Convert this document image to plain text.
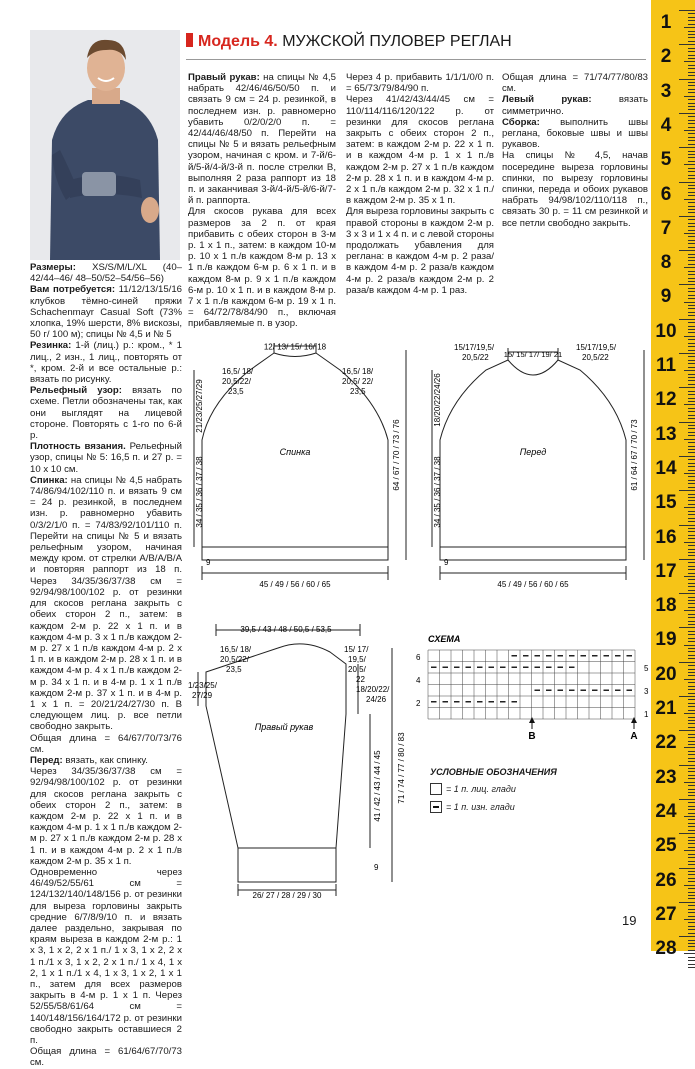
1
2
3
4
5
6
7
8
9
10
11
12
13
14
15
16
17
18
19
20
21
22
23
24
25
26
27
28
Модель 4. МУЖСКОЙ ПУЛОВЕР РЕГЛАН

Размеры: XS/S/M/L/XL (40–42/44–46/ 48–50/52–54/56–56)

Вам потребуется: 11/12/13/15/16 клубков тёмно-синей пряжи Schachenmayr Casual Soft (73% хлопка, 19% шерсти, 8% вискозы, 50 г/ 100 м); спицы № 4,5 и № 5

Резинка: 1-й (лиц.) р.: кром., * 1 лиц., 2 изн., 1 лиц., повторять от *, кром. 2-й и все остальные р.: вязать по рисунку.

Рельефный узор: вязать по схеме. Петли обозначены так, как они выглядят на лицевой стороне. Повторять с 1-го по 6-й р.

Плотность вязания. Рельефный узор, спицы № 5: 16,5 п. и 27 р. = 10 х 10 см.

Спинка: на спицы № 4,5 набрать 74/86/94/102/110 п. и вязать 9 см = 24 р. резинкой, в последнем изн. р. равномерно убавить 0/3/2/1/0 п. = 74/83/92/101/110 п. Перейти на спицы № 5 и вязать рельефным узором, начиная между кром. от стрелки А/В/А/В/А и повторяя раппорт из 18 п. Через 34/35/36/37/38 см = 92/94/98/100/102 р. от резинки для скосов реглана закрыть с обеих сторон 2 п., затем: в каждом 2-м р. 22 х 1 п. и в каждом 4-м р. 3 х 1 п./в каждом 2-м р. 27 х 1 п./в каждом 4-м р. 2 х 1 п. и в каждом 2-м р. 28 х 1 п. и в каждом 4-м р. 4 х 1 п./в каждом 2-м р. 34 х 1 п. и в 4-м р. 1 х 1 п./в каждом 2-м р. 37 х 1 п. и в 4-м р. 1 х 1 п. = 20/21/24/27/30 п. В следующем лиц. р. все петли свободно закрыть.

Общая длина = 64/67/70/73/76 см.

Перед: вязать, как спинку.

Через 34/35/36/37/38 см = 92/94/98/100/102 р. от резинки для скосов реглана закрыть с обеих сторон 2 п., затем: в каждом 2-м р. 22 х 1 п. и в каждом 4-м р. 1 х 1 п./в каждом 2-м р. 27 х 1 п./в каждом 2-м р. 28 х 1 п. и в каждом 4-м р. 2 х 1 п./в каждом 2-м р. 35 х 1 п.

Одновременно через 46/49/52/55/61 см = 124/132/140/148/156 р. от резинки для выреза горловины закрыть средние 6/7/8/9/10 п. и вязать далее раздельно, закрывая по краям выреза в каждом 2-м р.: 1 х 3, 1 х 2, 2 х 1 п./ 1 х 3, 1 х 2, 2 х 1 п./1 х 3, 1 х 2, 2 х 1 п./ 1 х 4, 1 х 2, 1 х 1 п./1 х 4, 1 х 3, 1 х 2, 1 х 1 п., затем для всех размеров закрыть в 4-м р. 1 х 1 п. Через 52/55/58/61/64 см = 140/148/156/164/172 р. от резинки свободно закрыть оставшиеся 2 п.

Общая длина = 61/64/67/70/73 см.

Правый рукав: на спицы № 4,5 набрать 42/46/46/50/50 п. и связать 9 см = 24 р. резинкой, в последнем изн. р. равномерно убавить 0/2/0/2/0 п. = 42/44/46/48/50 п. Перейти на спицы № 5 и вязать рельефным узором, начиная с кром. и 7-й/6-й/5-й/4-й/3-й п. после стрелки В, выполняя 2 раза раппорт из 18 п. и заканчивая 3-й/4-й/5-й/6-й/7-й п. раппорта.

Для скосов рукава для всех размеров за 2 п. от края прибавить с обеих сторон в 3-м р. 1 х 1 п., затем: в каждом 10-м р. 10 х 1 п./в каждом 8-м р. 13 х 1 п./в каждом 6-м р. 6 х 1 п. и в каждом 8-м р. 9 х 1 п./в каждом 6-м р. 10 х 1 п. и в каждом 8-м р. 7 х 1 п./в каждом 6-м р. 19 х 1 п. = 64/72/78/84/90 п., включая прибавляемые п. в узор.

Через 4 р. прибавить 1/1/1/0/0 п. = 65/73/79/84/90 п.

Через 41/42/43/44/45 см = 110/114/116/120/122 р. от резинки для скосов реглана закрыть с обеих сторон 2 п., затем: в каждом 2-м р. 22 х 1 п. и в каждом 4-м р. 1 х 1 п./в каждом 2-м р. 27 х 1 п./в каждом 2-м р. 28 х 1 п. и в каждом 4-м р. 2 х 1 п./в каждом 2-м р. 32 х 1 п./в каждом 2-м р. 35 х 1 п.

Для выреза горловины закрыть с правой стороны в каждом 2-м р. 3 х 3 и 1 х 4 п. и с левой стороны продолжать убавления для реглана: в каждом 4-м р. 2 раза/в каждом 4-м р. 2 раза/в каждом 4-м р. 2 раза/в каждом 2-м р. 2 раза/в каждом 4-м р. 1 раз.

Общая длина = 71/74/77/80/83 см.

Левый рукав: вязать симметрично.

Сборка: выполнить швы реглана, боковые швы и швы рукавов.

На спицы № 4,5, начав посередине выреза горловины спинки, по вырезу горловины спинки, переда и обоих рукавов набрать 94/98/102/110/118 п., связать 30 р. = 11 см резинкой и все петли свободно закрыть.

Спинка
12/ 13/ 15/ 16/ 18
16,5/ 18/
20,5/22/
23,5
16,5/ 18/
20,5/ 22/
23,5
21/23/25/27/29
34 / 35 / 36 / 37 / 38
9
64 / 67 / 70 / 73 / 76
45 / 49 / 56 / 60 / 65
Перед
15/17/19,5/
20,5/22 15/ 15/ 17/ 19/ 21
15/17/19,5/
20,5/22
18/20/22/24/26
34 / 35 / 36 / 37 / 38
9
61 / 64 / 67 / 70 / 73
45 / 49 / 56 / 60 / 65
Правый рукав
39,5 / 43 / 48 / 50,5 / 53,5
16,5/ 18/
20,5/22/
23,5
15/ 17/
19,5/
20,5/
22
1/23/25/
27/29
18/20/22/
24/26
41 / 42 / 43 / 44 / 45
9
71 / 74 / 77 / 80 / 83
26/ 27 / 28 / 29 / 30
СХЕМА
6
4
2
5
3
1
B	A
УСЛОВНЫЕ ОБОЗНАЧЕНИЯ
= 1 п. лиц. глади
= 1 п. изн. глади
19
